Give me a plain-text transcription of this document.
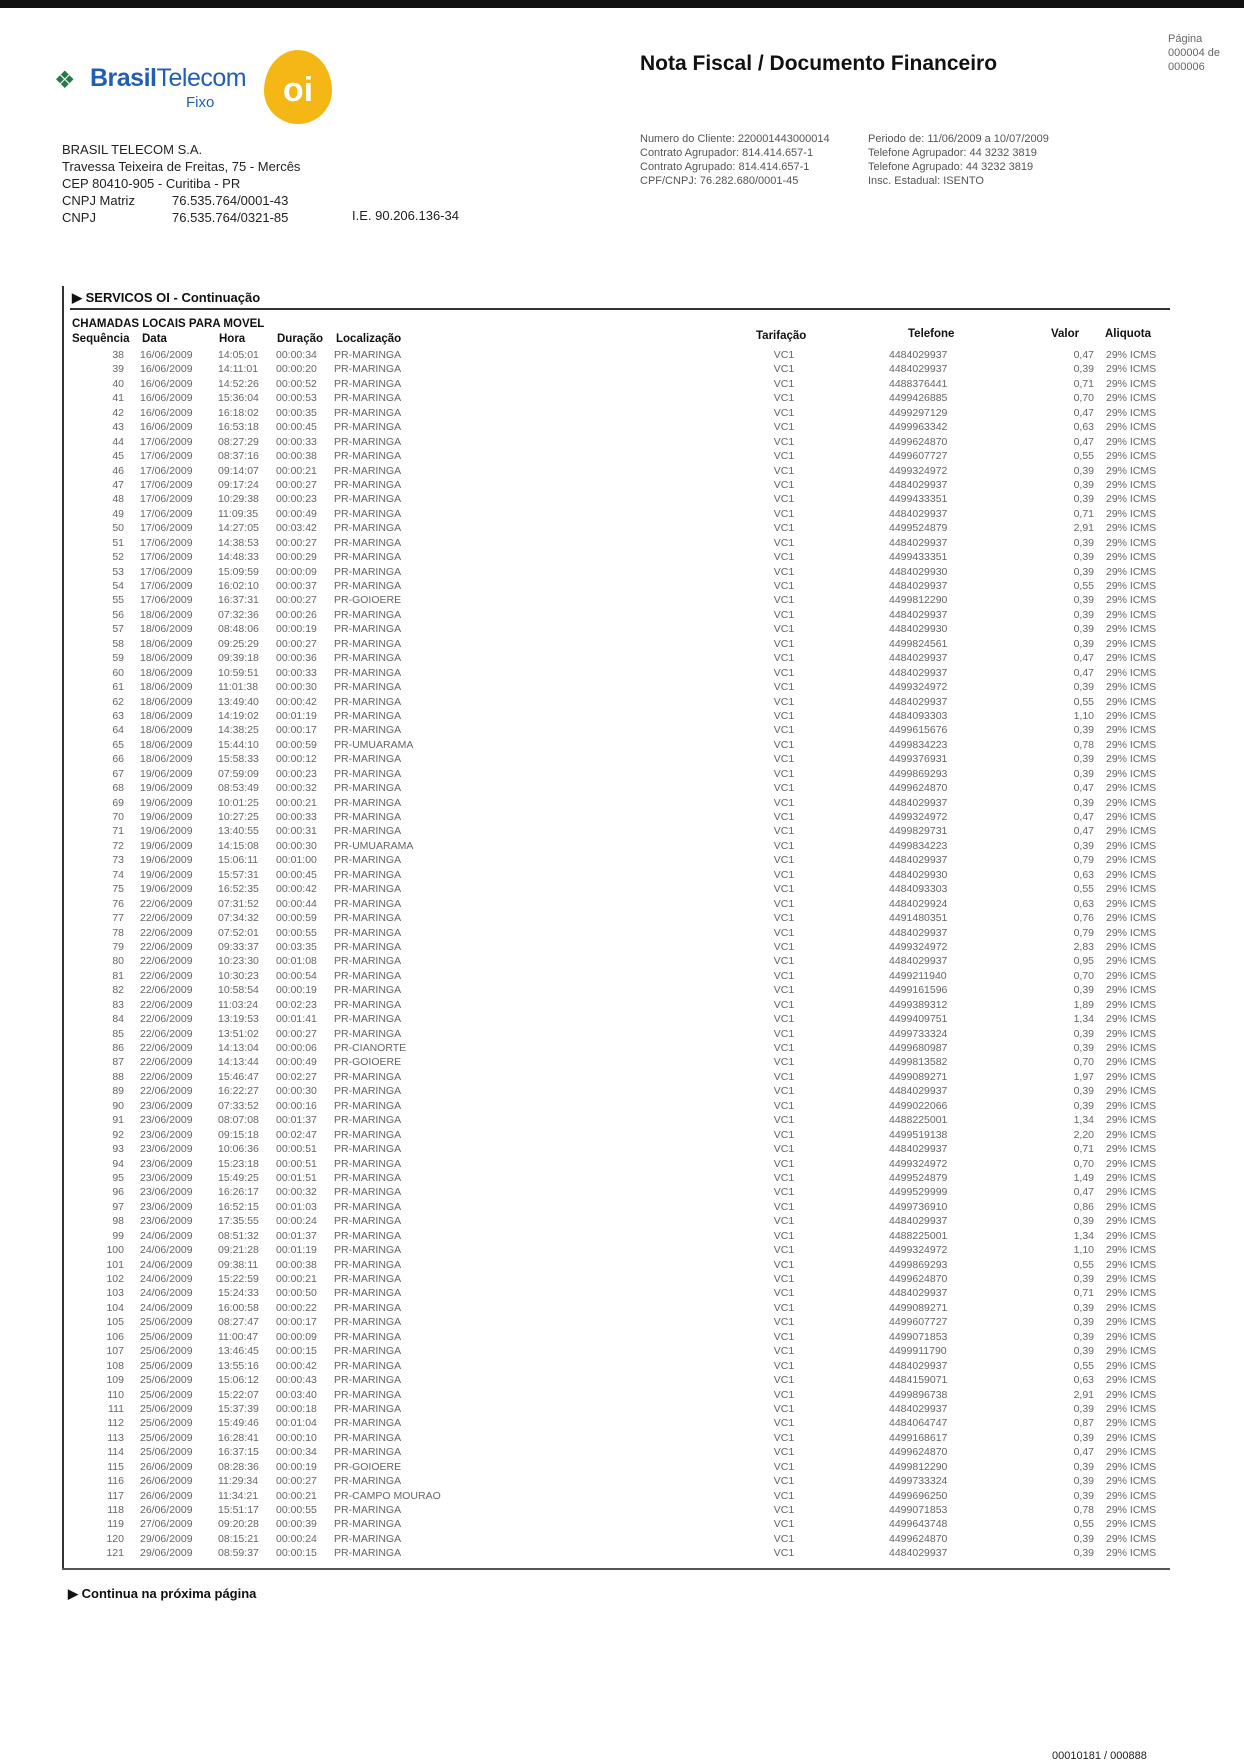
❖ BrasilTelecom
Fixo	oi
BRASIL TELECOM S.A.
Travessa Teixeira de Freitas, 75 - Mercês
CEP 80410-905 - Curitiba - PR
CNPJ Matriz	76.535.764/0001-43
CNPJ	76.535.764/0321-85	I.E. 90.206.136-34
Nota Fiscal / Documento Financeiro
Página
000004 de
000006
Numero do Cliente: 220001443000014
Contrato Agrupador: 814.414.657-1
Contrato Agrupado: 814.414.657-1
CPF/CNPJ: 76.282.680/0001-45
Periodo de: 11/06/2009 a 10/07/2009
Telefone Agrupador: 44 3232 3819
Telefone Agrupado: 44 3232 3819
Insc. Estadual: ISENTO
▶ SERVICOS OI - Continuação
CHAMADAS LOCAIS PARA MOVEL
Sequência Data	Hora	Duração Localização	Tarifação	Telefone	Valor Aliquota
38 16/06/2009 14:05:01 00:00:34 PR-MARINGA	VC1	4484029937	0,47 29% ICMS
39 16/06/2009 14:11:01 00:00:20 PR-MARINGA	VC1	4484029937	0,39 29% ICMS
40 16/06/2009 14:52:26 00:00:52 PR-MARINGA	VC1	4488376441	0,71 29% ICMS
41 16/06/2009 15:36:04 00:00:53 PR-MARINGA	VC1	4499426885	0,70 29% ICMS
42 16/06/2009 16:18:02 00:00:35 PR-MARINGA	VC1	4499297129	0,47 29% ICMS
43 16/06/2009 16:53:18 00:00:45 PR-MARINGA	VC1	4499963342	0,63 29% ICMS
44 17/06/2009 08:27:29 00:00:33 PR-MARINGA	VC1	4499624870	0,47 29% ICMS
45 17/06/2009 08:37:16 00:00:38 PR-MARINGA	VC1	4499607727	0,55 29% ICMS
46 17/06/2009 09:14:07 00:00:21 PR-MARINGA	VC1	4499324972	0,39 29% ICMS
47 17/06/2009 09:17:24 00:00:27 PR-MARINGA	VC1	4484029937	0,39 29% ICMS
48 17/06/2009 10:29:38 00:00:23 PR-MARINGA	VC1	4499433351	0,39 29% ICMS
49 17/06/2009 11:09:35 00:00:49 PR-MARINGA	VC1	4484029937	0,71 29% ICMS
50 17/06/2009 14:27:05 00:03:42 PR-MARINGA	VC1	4499524879	2,91 29% ICMS
51 17/06/2009 14:38:53 00:00:27 PR-MARINGA	VC1	4484029937	0,39 29% ICMS
52 17/06/2009 14:48:33 00:00:29 PR-MARINGA	VC1	4499433351	0,39 29% ICMS
53 17/06/2009 15:09:59 00:00:09 PR-MARINGA	VC1	4484029930	0,39 29% ICMS
54 17/06/2009 16:02:10 00:00:37 PR-MARINGA	VC1	4484029937	0,55 29% ICMS
55 17/06/2009 16:37:31 00:00:27 PR-GOIOERE	VC1	4499812290	0,39 29% ICMS
56 18/06/2009 07:32:36 00:00:26 PR-MARINGA	VC1	4484029937	0,39 29% ICMS
57 18/06/2009 08:48:06 00:00:19 PR-MARINGA	VC1	4484029930	0,39 29% ICMS
58 18/06/2009 09:25:29 00:00:27 PR-MARINGA	VC1	4499824561	0,39 29% ICMS
59 18/06/2009 09:39:18 00:00:36 PR-MARINGA	VC1	4484029937	0,47 29% ICMS
60 18/06/2009 10:59:51 00:00:33 PR-MARINGA	VC1	4484029937	0,47 29% ICMS
61 18/06/2009 11:01:38 00:00:30 PR-MARINGA	VC1	4499324972	0,39 29% ICMS
62 18/06/2009 13:49:40 00:00:42 PR-MARINGA	VC1	4484029937	0,55 29% ICMS
63 18/06/2009 14:19:02 00:01:19 PR-MARINGA	VC1	4484093303	1,10 29% ICMS
64 18/06/2009 14:38:25 00:00:17 PR-MARINGA	VC1	4499615676	0,39 29% ICMS
65 18/06/2009 15:44:10 00:00:59 PR-UMUARAMA	VC1	4499834223	0,78 29% ICMS
66 18/06/2009 15:58:33 00:00:12 PR-MARINGA	VC1	4499376931	0,39 29% ICMS
67 19/06/2009 07:59:09 00:00:23 PR-MARINGA	VC1	4499869293	0,39 29% ICMS
68 19/06/2009 08:53:49 00:00:32 PR-MARINGA	VC1	4499624870	0,47 29% ICMS
69 19/06/2009 10:01:25 00:00:21 PR-MARINGA	VC1	4484029937	0,39 29% ICMS
70 19/06/2009 10:27:25 00:00:33 PR-MARINGA	VC1	4499324972	0,47 29% ICMS
71 19/06/2009 13:40:55 00:00:31 PR-MARINGA	VC1	4499829731	0,47 29% ICMS
72 19/06/2009 14:15:08 00:00:30 PR-UMUARAMA	VC1	4499834223	0,39 29% ICMS
73 19/06/2009 15:06:11 00:01:00 PR-MARINGA	VC1	4484029937	0,79 29% ICMS
74 19/06/2009 15:57:31 00:00:45 PR-MARINGA	VC1	4484029930	0,63 29% ICMS
75 19/06/2009 16:52:35 00:00:42 PR-MARINGA	VC1	4484093303	0,55 29% ICMS
76 22/06/2009 07:31:52 00:00:44 PR-MARINGA	VC1	4484029924	0,63 29% ICMS
77 22/06/2009 07:34:32 00:00:59 PR-MARINGA	VC1	4491480351	0,76 29% ICMS
78 22/06/2009 07:52:01 00:00:55 PR-MARINGA	VC1	4484029937	0,79 29% ICMS
79 22/06/2009 09:33:37 00:03:35 PR-MARINGA	VC1	4499324972	2,83 29% ICMS
80 22/06/2009 10:23:30 00:01:08 PR-MARINGA	VC1	4484029937	0,95 29% ICMS
81 22/06/2009 10:30:23 00:00:54 PR-MARINGA	VC1	4499211940	0,70 29% ICMS
82 22/06/2009 10:58:54 00:00:19 PR-MARINGA	VC1	4499161596	0,39 29% ICMS
83 22/06/2009 11:03:24 00:02:23 PR-MARINGA	VC1	4499389312	1,89 29% ICMS
84 22/06/2009 13:19:53 00:01:41 PR-MARINGA	VC1	4499409751	1,34 29% ICMS
85 22/06/2009 13:51:02 00:00:27 PR-MARINGA	VC1	4499733324	0,39 29% ICMS
86 22/06/2009 14:13:04 00:00:06 PR-CIANORTE	VC1	4499680987	0,39 29% ICMS
87 22/06/2009 14:13:44 00:00:49 PR-GOIOERE	VC1	4499813582	0,70 29% ICMS
88 22/06/2009 15:46:47 00:02:27 PR-MARINGA	VC1	4499089271	1,97 29% ICMS
89 22/06/2009 16:22:27 00:00:30 PR-MARINGA	VC1	4484029937	0,39 29% ICMS
90 23/06/2009 07:33:52 00:00:16 PR-MARINGA	VC1	4499022066	0,39 29% ICMS
91 23/06/2009 08:07:08 00:01:37 PR-MARINGA	VC1	4488225001	1,34 29% ICMS
92 23/06/2009 09:15:18 00:02:47 PR-MARINGA	VC1	4499519138	2,20 29% ICMS
93 23/06/2009 10:06:36 00:00:51 PR-MARINGA	VC1	4484029937	0,71 29% ICMS
94 23/06/2009 15:23:18 00:00:51 PR-MARINGA	VC1	4499324972	0,70 29% ICMS
95 23/06/2009 15:49:25 00:01:51 PR-MARINGA	VC1	4499524879	1,49 29% ICMS
96 23/06/2009 16:26:17 00:00:32 PR-MARINGA	VC1	4499529999	0,47 29% ICMS
97 23/06/2009 16:52:15 00:01:03 PR-MARINGA	VC1	4499736910	0,86 29% ICMS
98 23/06/2009 17:35:55 00:00:24 PR-MARINGA	VC1	4484029937	0,39 29% ICMS
99 24/06/2009 08:51:32 00:01:37 PR-MARINGA	VC1	4488225001	1,34 29% ICMS
100 24/06/2009 09:21:28 00:01:19 PR-MARINGA	VC1	4499324972	1,10 29% ICMS
101 24/06/2009 09:38:11 00:00:38 PR-MARINGA	VC1	4499869293	0,55 29% ICMS
102 24/06/2009 15:22:59 00:00:21 PR-MARINGA	VC1	4499624870	0,39 29% ICMS
103 24/06/2009 15:24:33 00:00:50 PR-MARINGA	VC1	4484029937	0,71 29% ICMS
104 24/06/2009 16:00:58 00:00:22 PR-MARINGA	VC1	4499089271	0,39 29% ICMS
105 25/06/2009 08:27:47 00:00:17 PR-MARINGA	VC1	4499607727	0,39 29% ICMS
106 25/06/2009 11:00:47 00:00:09 PR-MARINGA	VC1	4499071853	0,39 29% ICMS
107 25/06/2009 13:46:45 00:00:15 PR-MARINGA	VC1	4499911790	0,39 29% ICMS
108 25/06/2009 13:55:16 00:00:42 PR-MARINGA	VC1	4484029937	0,55 29% ICMS
109 25/06/2009 15:06:12 00:00:43 PR-MARINGA	VC1	4484159071	0,63 29% ICMS
110 25/06/2009 15:22:07 00:03:40 PR-MARINGA	VC1	4499896738	2,91 29% ICMS
111 25/06/2009 15:37:39 00:00:18 PR-MARINGA	VC1	4484029937	0,39 29% ICMS
112 25/06/2009 15:49:46 00:01:04 PR-MARINGA	VC1	4484064747	0,87 29% ICMS
113 25/06/2009 16:28:41 00:00:10 PR-MARINGA	VC1	4499168617	0,39 29% ICMS
114 25/06/2009 16:37:15 00:00:34 PR-MARINGA	VC1	4499624870	0,47 29% ICMS
115 26/06/2009 08:28:36 00:00:19 PR-GOIOERE	VC1	4499812290	0,39 29% ICMS
116 26/06/2009 11:29:34 00:00:27 PR-MARINGA	VC1	4499733324	0,39 29% ICMS
117 26/06/2009 11:34:21 00:00:21 PR-CAMPO MOURAO	VC1	4499696250	0,39 29% ICMS
118 26/06/2009 15:51:17 00:00:55 PR-MARINGA	VC1	4499071853	0,78 29% ICMS
119 27/06/2009 09:20:28 00:00:39 PR-MARINGA	VC1	4499643748	0,55 29% ICMS
120 29/06/2009 08:15:21 00:00:24 PR-MARINGA	VC1	4499624870	0,39 29% ICMS
121 29/06/2009 08:59:37 00:00:15 PR-MARINGA	VC1	4484029937	0,39 29% ICMS
▶ Continua na próxima página
00010181 / 000888
